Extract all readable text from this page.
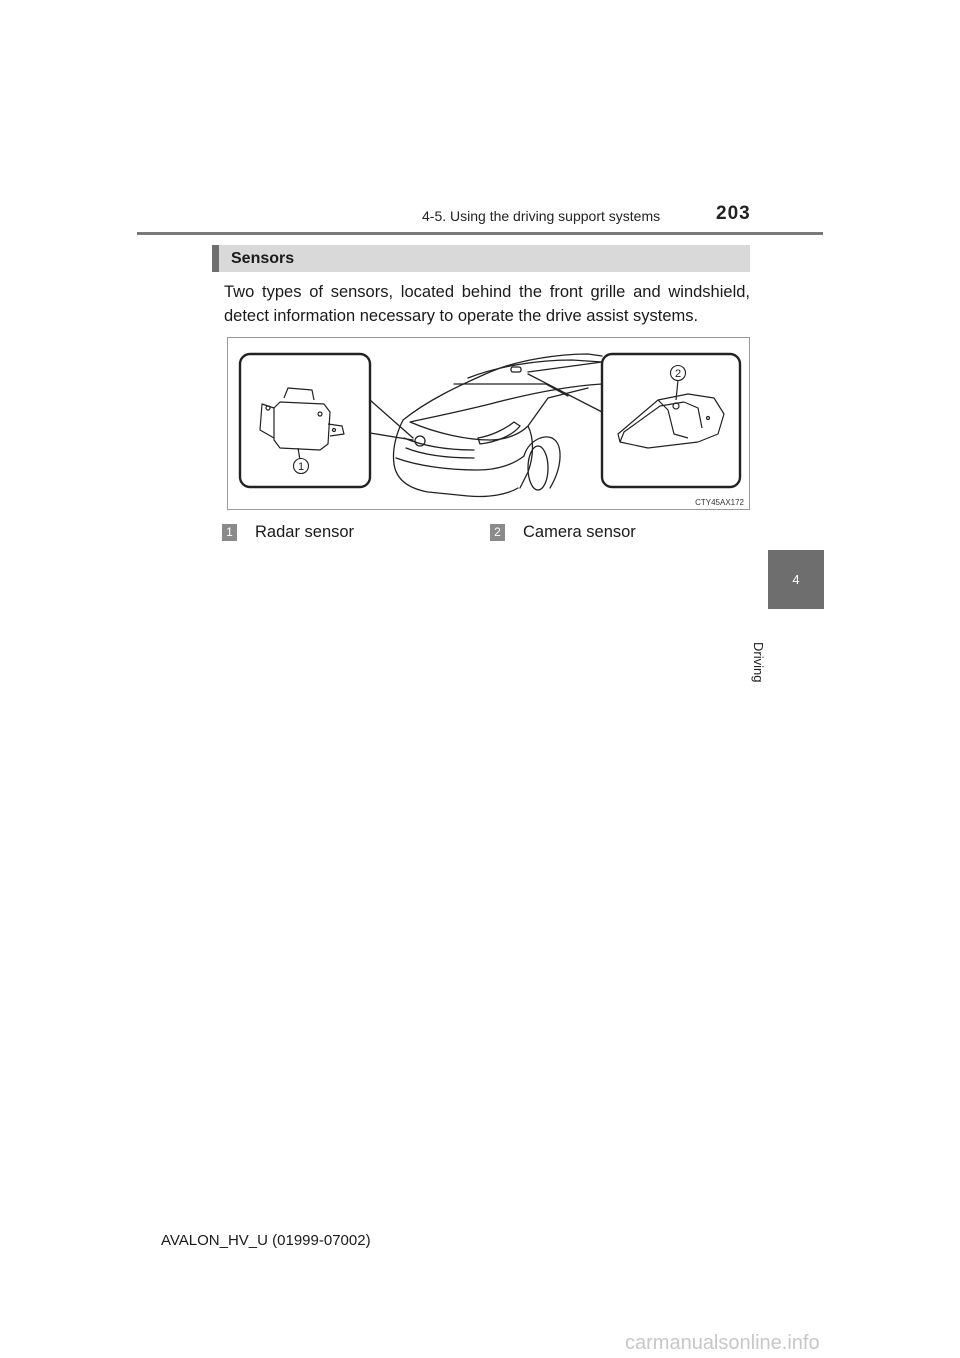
4-5. Using the driving support systems	203
4
Driving
Sensors
Two types of sensors, located behind the front grille and windshield, detect information necessary to operate the drive assist systems.
1
2
CTY45AX172
1 Radar sensor	2 Camera sensor
AVALON_HV_U (01999-07002)
carmanualsonline.info
